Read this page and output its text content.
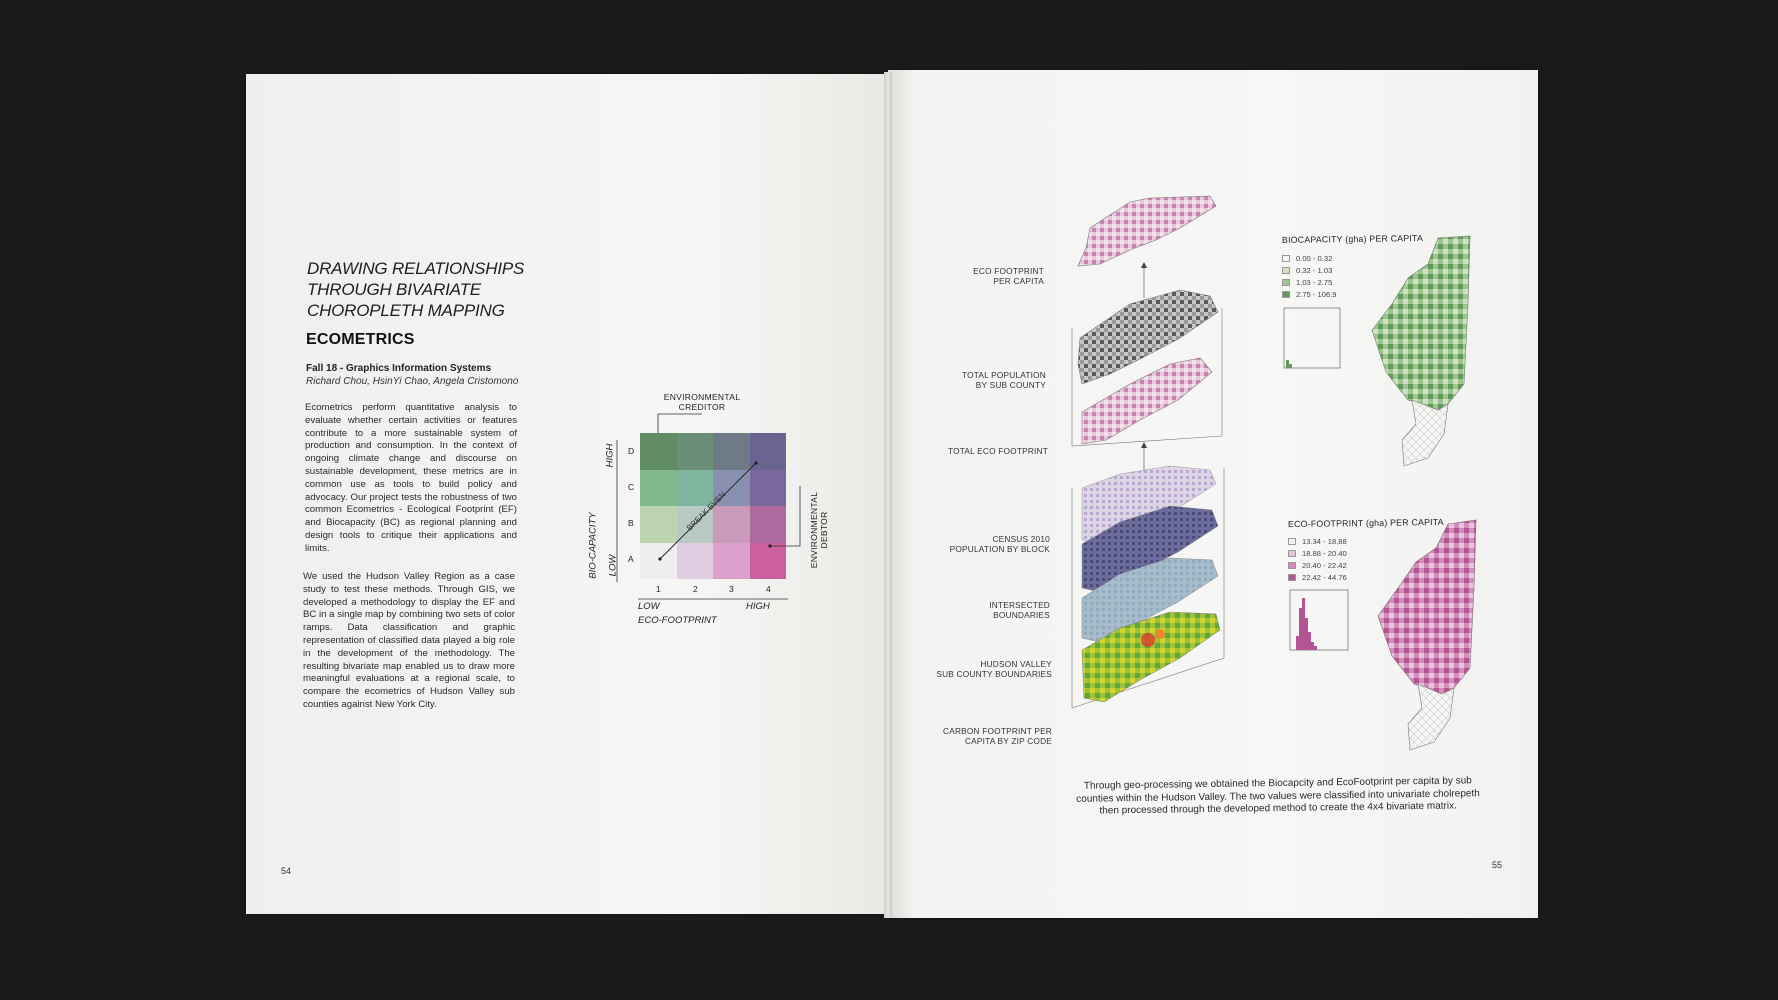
DRAWING RELATIONSHIPS
THROUGH BIVARIATE
CHOROPLETH MAPPING
ECOMETRICS
Fall 18 - Graphics Information Systems
Richard Chou, HsinYi Chao, Angela Cristomono
Ecometrics perform quantitative analysis to evaluate whether certain activities or features contribute to a more sustainable system of production and consumption. In the context of ongoing climate change and discourse on sustainable development, these metrics are in common use as tools to build policy and advocacy. Our project tests the robustness of two common Ecometrics - Ecological Footprint (EF) and Biocapacity (BC) as regional planning and design tools to critique their applications and limits.
We used the Hudson Valley Region as a case study to test these methods. Through GIS, we developed a methodology to display the EF and BC in a single map by combining two sets of color ramps. Data classification and graphic representation of classified data played a big role in the development of the methodology. The resulting bivariate map enabled us to draw more meaningful evaluations at a regional scale, to compare the ecometrics of Hudson Valley sub counties against New York City.
54
ENVIRONMENTAL
CREDITOR
BREAK EVEN	ENVIRONMENTAL DEBTOR
D
C
B
A
1	2	3	4
HIGH
LOW
BIO-CAPACITY
LOW	HIGH
ECO-FOOTPRINT
ECO FOOTPRINT
PER CAPITA
TOTAL POPULATION
BY SUB COUNTY
TOTAL ECO FOOTPRINT
CENSUS 2010
POPULATION BY BLOCK
INTERSECTED
BOUNDARIES
HUDSON VALLEY
SUB COUNTY BOUNDARIES
CARBON FOOTPRINT PER
CAPITA BY ZIP CODE
BIOCAPACITY (gha) PER CAPITA
0.00 - 0.32
0.32 - 1.03
1.03 - 2.75
2.75 - 106.9
ECO-FOOTPRINT (gha) PER CAPITA
13.34 - 18.88
18.88 - 20.40
20.40 - 22.42
22.42 - 44.76
Through geo-processing we obtained the Biocapcity and EcoFootprint per capita by sub counties within the Hudson Valley. The two values were classified into univariate cholrepeth then processed through the developed method to create the 4x4 bivariate matrix.
55
